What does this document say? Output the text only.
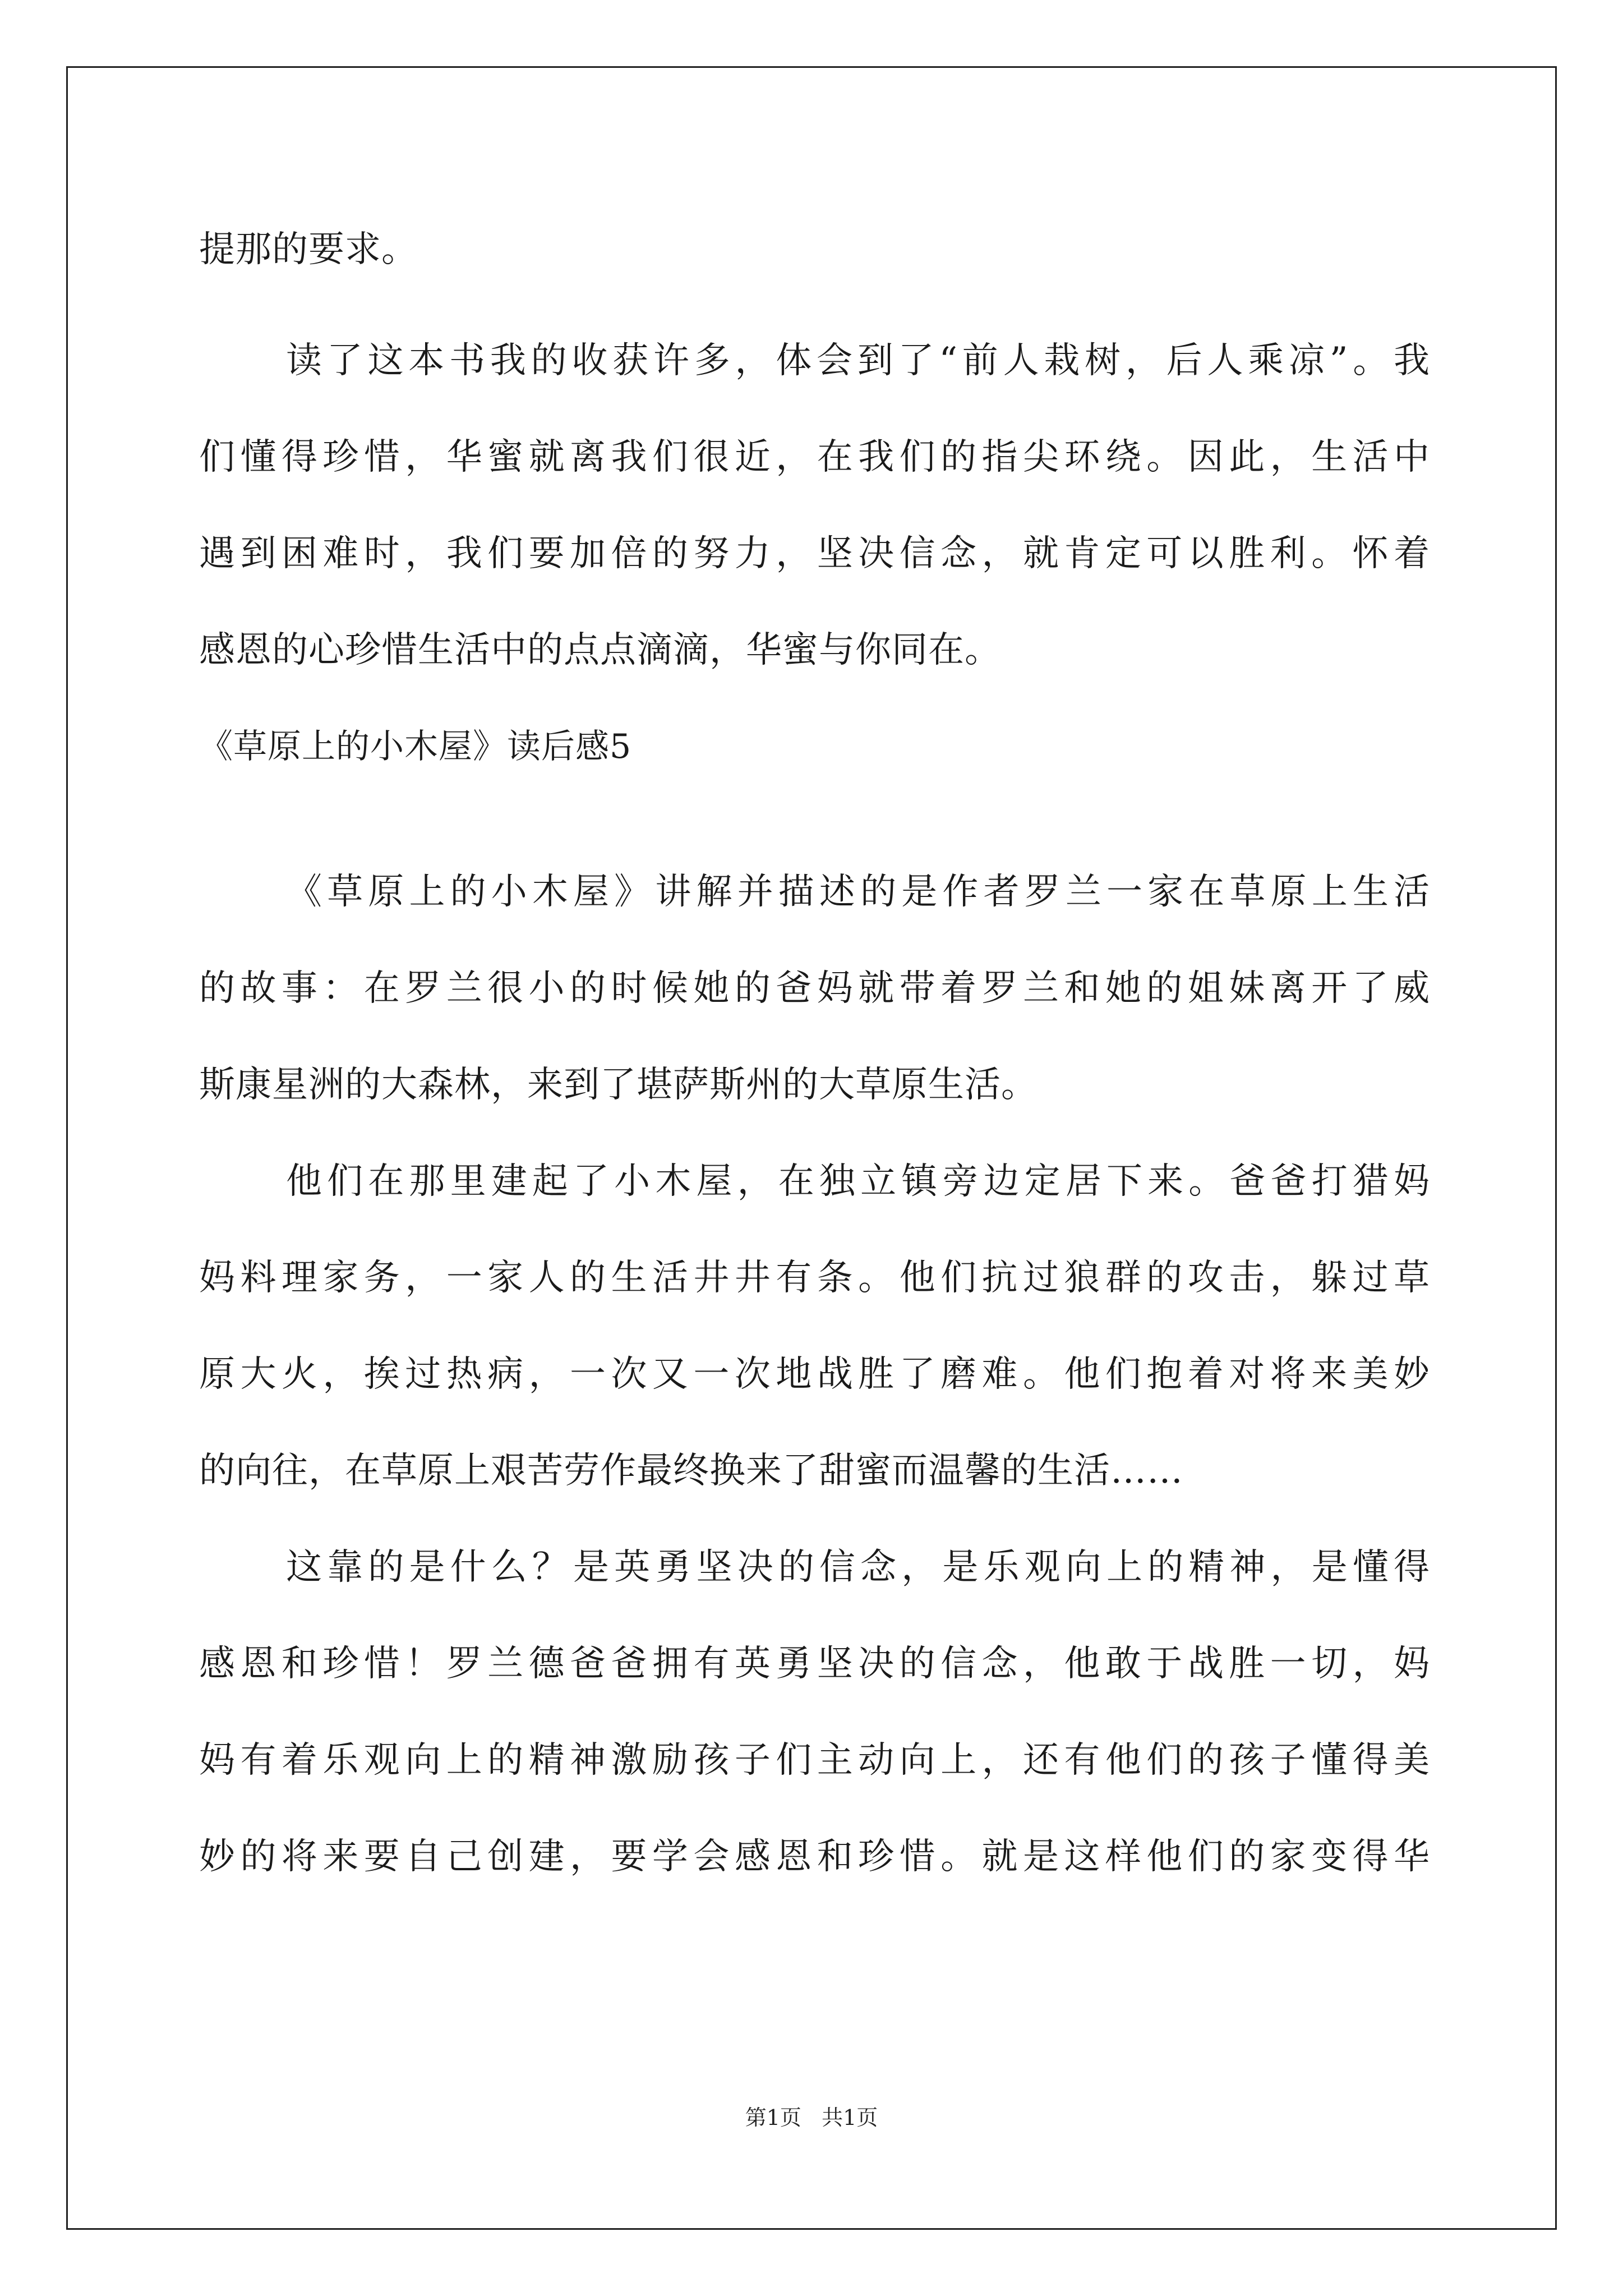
提那的要求。
读了这本书我的收获许多，体会到了“前人栽树，后人乘凉”。我
们懂得珍惜，华蜜就离我们很近，在我们的指尖环绕。因此，生活中
遇到困难时，我们要加倍的努力，坚决信念，就肯定可以胜利。怀着
感恩的心珍惜生活中的点点滴滴，华蜜与你同在。
《草原上的小木屋》读后感5
《草原上的小木屋》讲解并描述的是作者罗兰一家在草原上生活
的故事：在罗兰很小的时候她的爸妈就带着罗兰和她的姐妹离开了威
斯康星洲的大森林，来到了堪萨斯州的大草原生活。
他们在那里建起了小木屋，在独立镇旁边定居下来。爸爸打猎妈
妈料理家务，一家人的生活井井有条。他们抗过狼群的攻击，躲过草
原大火，挨过热病，一次又一次地战胜了磨难。他们抱着对将来美妙
的向往，在草原上艰苦劳作最终换来了甜蜜而温馨的生活……
这靠的是什么？是英勇坚决的信念，是乐观向上的精神，是懂得
感恩和珍惜！罗兰德爸爸拥有英勇坚决的信念，他敢于战胜一切，妈
妈有着乐观向上的精神激励孩子们主动向上，还有他们的孩子懂得美
妙的将来要自己创建，要学会感恩和珍惜。就是这样他们的家变得华
第1页   共1页
